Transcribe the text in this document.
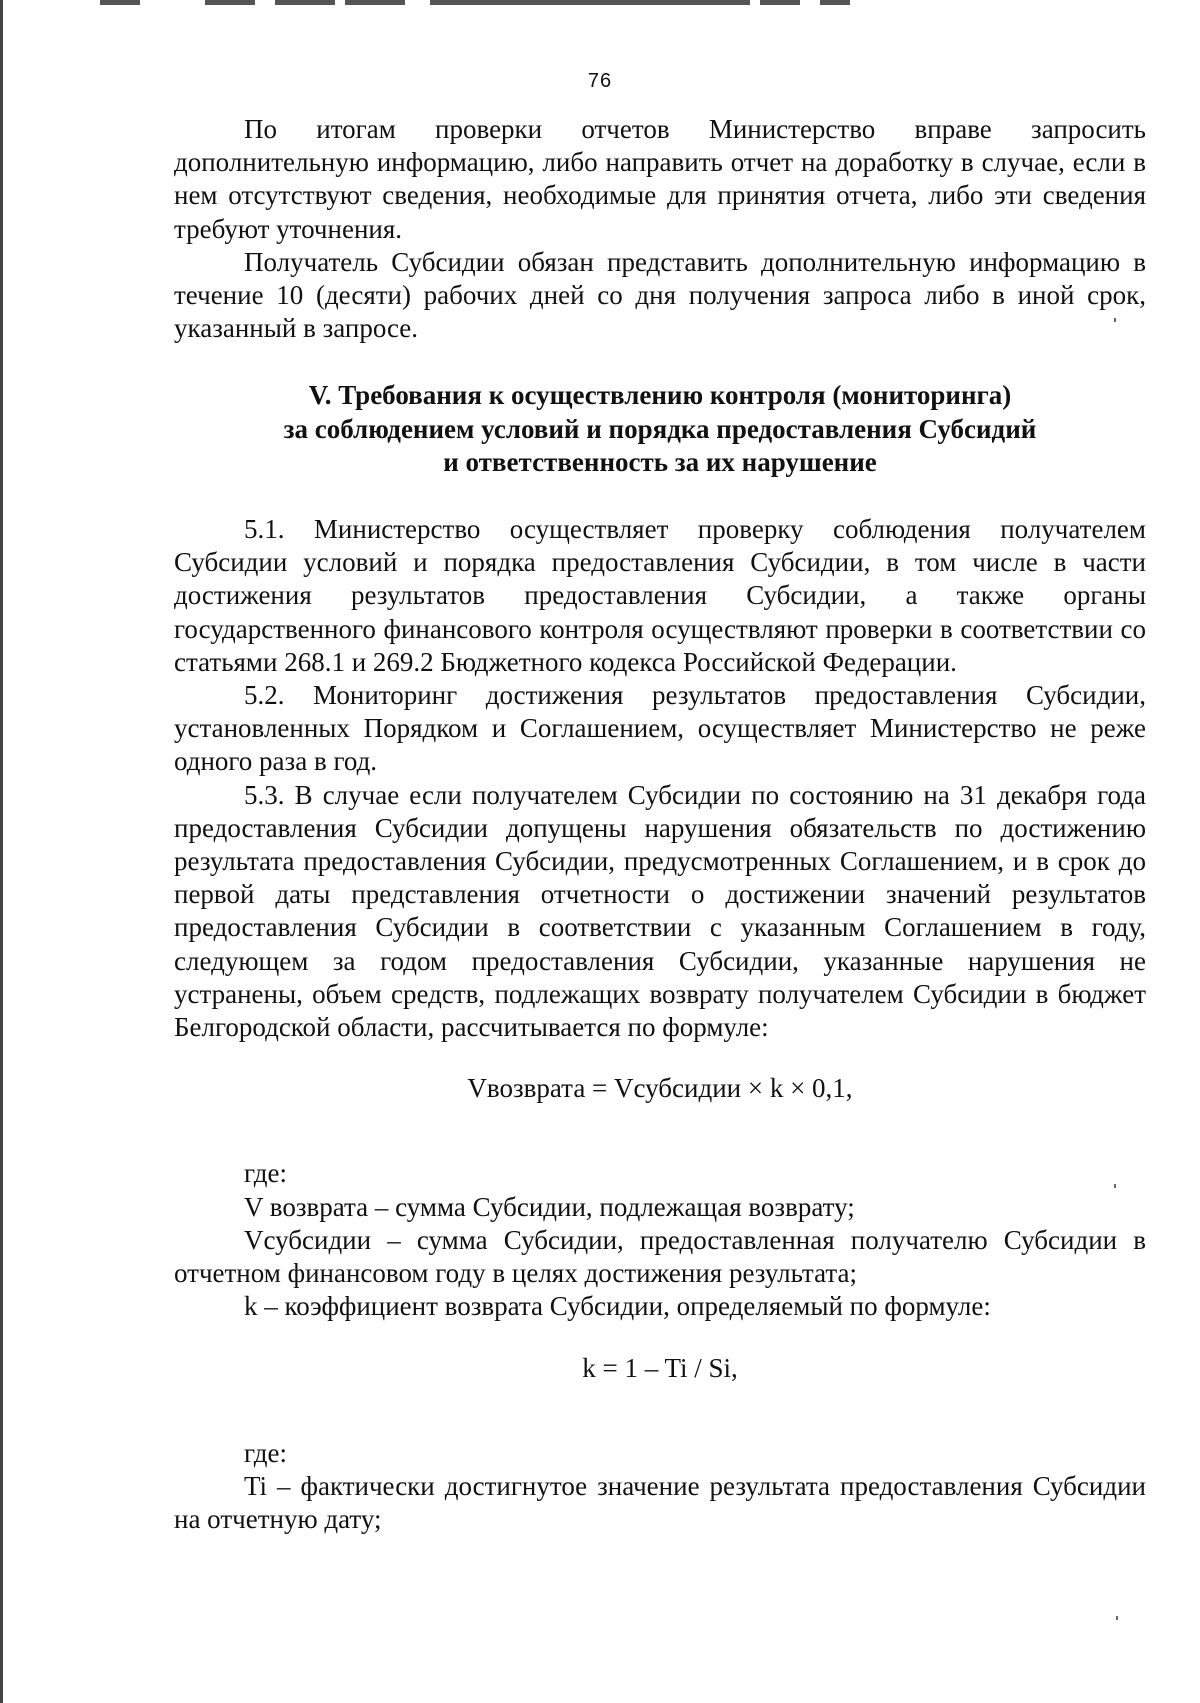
76

По итогам проверки отчетов Министерство вправе запросить дополнительную информацию, либо направить отчет на доработку в случае, если в нем отсутствуют сведения, необходимые для принятия отчета, либо эти сведения требуют уточнения.

Получатель Субсидии обязан представить дополнительную информацию в течение 10 (десяти) рабочих дней со дня получения запроса либо в иной срок, указанный в запросе.

V. Требования к осуществлению контроля (мониторинга)
за соблюдением условий и порядка предоставления Субсидий
и ответственность за их нарушение

5.1. Министерство осуществляет проверку соблюдения получателем Субсидии условий и порядка предоставления Субсидии, в том числе в части достижения результатов предоставления Субсидии, а также органы государственного финансового контроля осуществляют проверки в соответствии со статьями 268.1 и 269.2 Бюджетного кодекса Российской Федерации.

5.2. Мониторинг достижения результатов предоставления Субсидии, установленных Порядком и Соглашением, осуществляет Министерство не реже одного раза в год.

5.3. В случае если получателем Субсидии по состоянию на 31 декабря года предоставления Субсидии допущены нарушения обязательств по достижению результата предоставления Субсидии, предусмотренных Соглашением, и в срок до первой даты представления отчетности о достижении значений результатов предоставления Субсидии в соответствии с указанным Соглашением в году, следующем за годом предоставления Субсидии, указанные нарушения не устранены, объем средств, подлежащих возврату получателем Субсидии в бюджет Белгородской области, рассчитывается по формуле:

Vвозврата = Vсубсидии × k × 0,1,

где:

V возврата – сумма Субсидии, подлежащая возврату;

Vсубсидии – сумма Субсидии, предоставленная получателю Субсидии в отчетном финансовом году в целях достижения результата;

k – коэффициент возврата Субсидии, определяемый по формуле:

k = 1 – Ti / Si,

где:

Ti – фактически достигнутое значение результата предоставления Субсидии на отчетную дату;
